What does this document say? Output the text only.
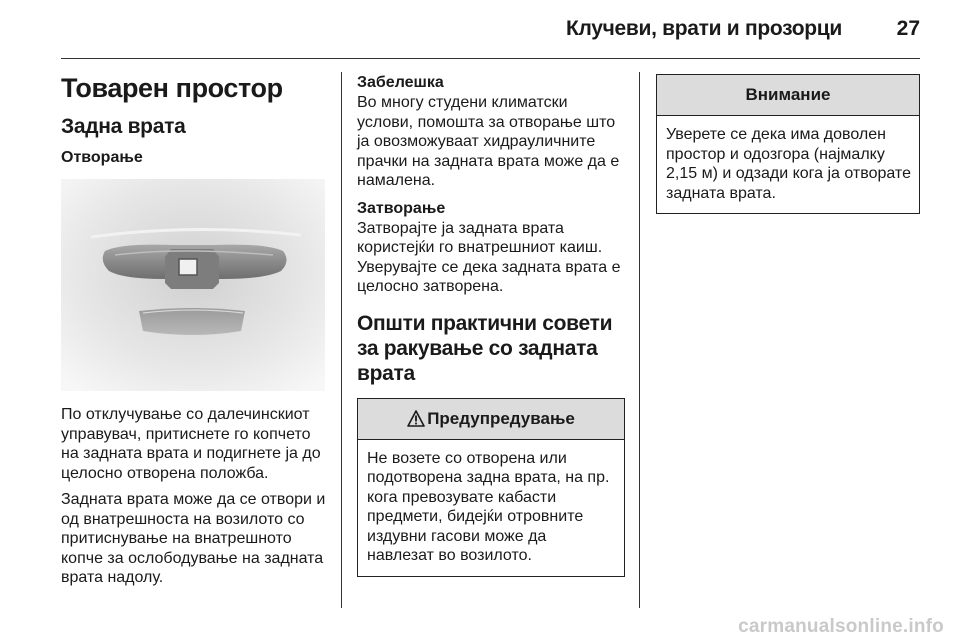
Клучеви, врати и прозорци	27
Товарен простор
Задна врата
Отворање

По отклучувањe со далечинскиот управувач, притиснете го копчето на задната врата и подигнете ја до целосно отворена положба.

Задната врата може да се отвори и од внатрешноста на возилото со притиснувањe на внатрешното копче за ослободувањe на задната врата надолу.

Забелешка

Во многу студени климатски услови, помошта за отворање што ја овозможуваат хидрауличните прачки на задната врата може да е намалена.

Затворање

Затворајте ја задната врата користејќи го внатрешниот каиш. Уверувајте се дека задната врата е целосно затворена.

Општи практични совети за ракувањe со задната врата
Предупредување

Не возете со отворена или подотворена задна врата, на пр. кога превозувате кабасти предмети, бидејќи отровните издувни гасови може да навлезат во возилото.

Внимание

Уверете се дека има доволен простор и одозгора (најмалку 2,15 м) и одзади кога ја отворате задната врата.

carmanualsonline.info
